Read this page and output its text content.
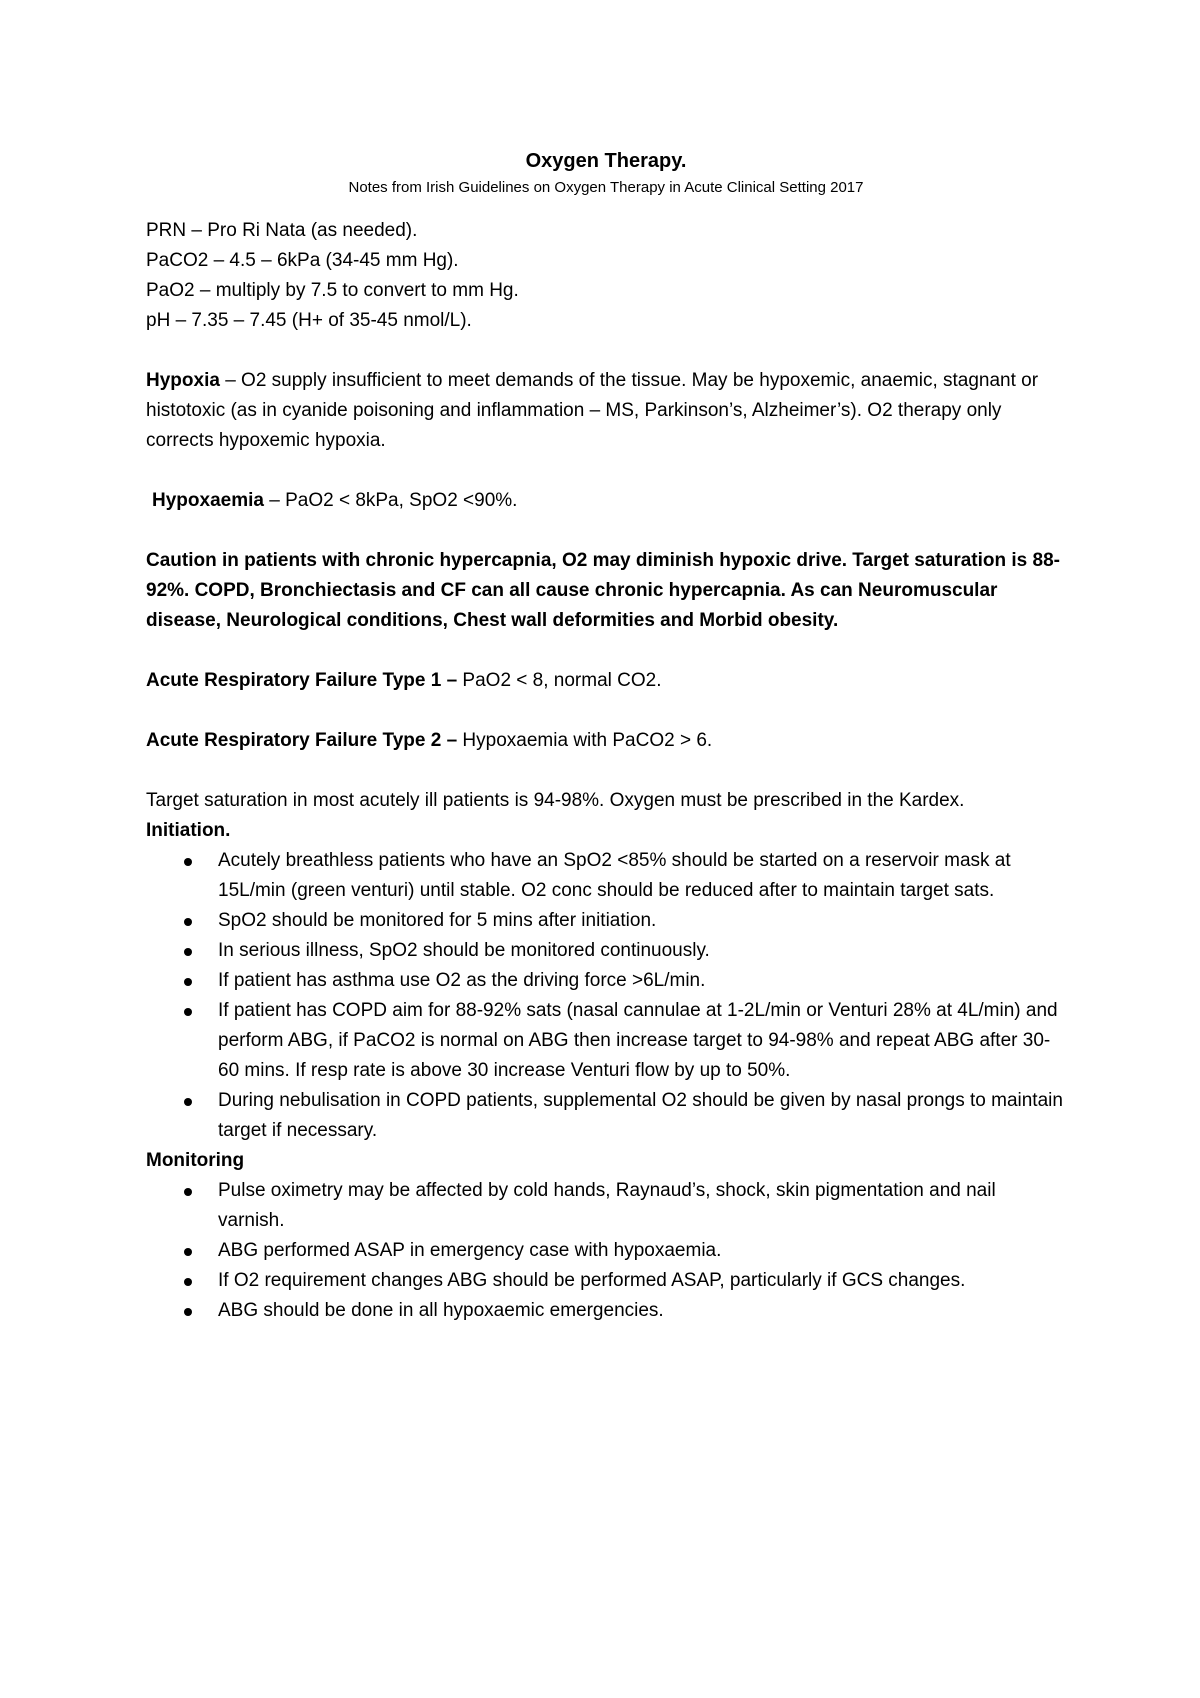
Oxygen Therapy.

Notes from Irish Guidelines on Oxygen Therapy in Acute Clinical Setting 2017

PRN – Pro Ri Nata (as needed).

PaCO2 – 4.5 – 6kPa (34-45 mm Hg).

PaO2 – multiply by 7.5 to convert to mm Hg.

pH – 7.35 – 7.45 (H+ of 35-45 nmol/L).

Hypoxia – O2 supply insufficient to meet demands of the tissue. May be hypoxemic, anaemic, stagnant or histotoxic (as in cyanide poisoning and inflammation – MS, Parkinson’s, Alzheimer’s). O2 therapy only corrects hypoxemic hypoxia.

Hypoxaemia – PaO2 < 8kPa, SpO2 <90%.

Caution in patients with chronic hypercapnia, O2 may diminish hypoxic drive. Target saturation is 88-92%. COPD, Bronchiectasis and CF can all cause chronic hypercapnia. As can Neuromuscular disease, Neurological conditions, Chest wall deformities and Morbid obesity.

Acute Respiratory Failure Type 1 – PaO2 < 8, normal CO2.

Acute Respiratory Failure Type 2 – Hypoxaemia with PaCO2 > 6.

Target saturation in most acutely ill patients is 94-98%. Oxygen must be prescribed in the Kardex.

Initiation.

Acutely breathless patients who have an SpO2 <85% should be started on a reservoir mask at 15L/min (green venturi) until stable. O2 conc should be reduced after to maintain target sats.
SpO2 should be monitored for 5 mins after initiation.
In serious illness, SpO2 should be monitored continuously.
If patient has asthma use O2 as the driving force >6L/min.
If patient has COPD aim for 88-92% sats (nasal cannulae at 1-2L/min or Venturi 28% at 4L/min) and perform ABG, if PaCO2 is normal on ABG then increase target to 94-98% and repeat ABG after 30-60 mins. If resp rate is above 30 increase Venturi flow by up to 50%.
During nebulisation in COPD patients, supplemental O2 should be given by nasal prongs to maintain target if necessary.

Monitoring

Pulse oximetry may be affected by cold hands, Raynaud’s, shock, skin pigmentation and nail varnish.
ABG performed ASAP in emergency case with hypoxaemia.
If O2 requirement changes ABG should be performed ASAP, particularly if GCS changes.
ABG should be done in all hypoxaemic emergencies.
